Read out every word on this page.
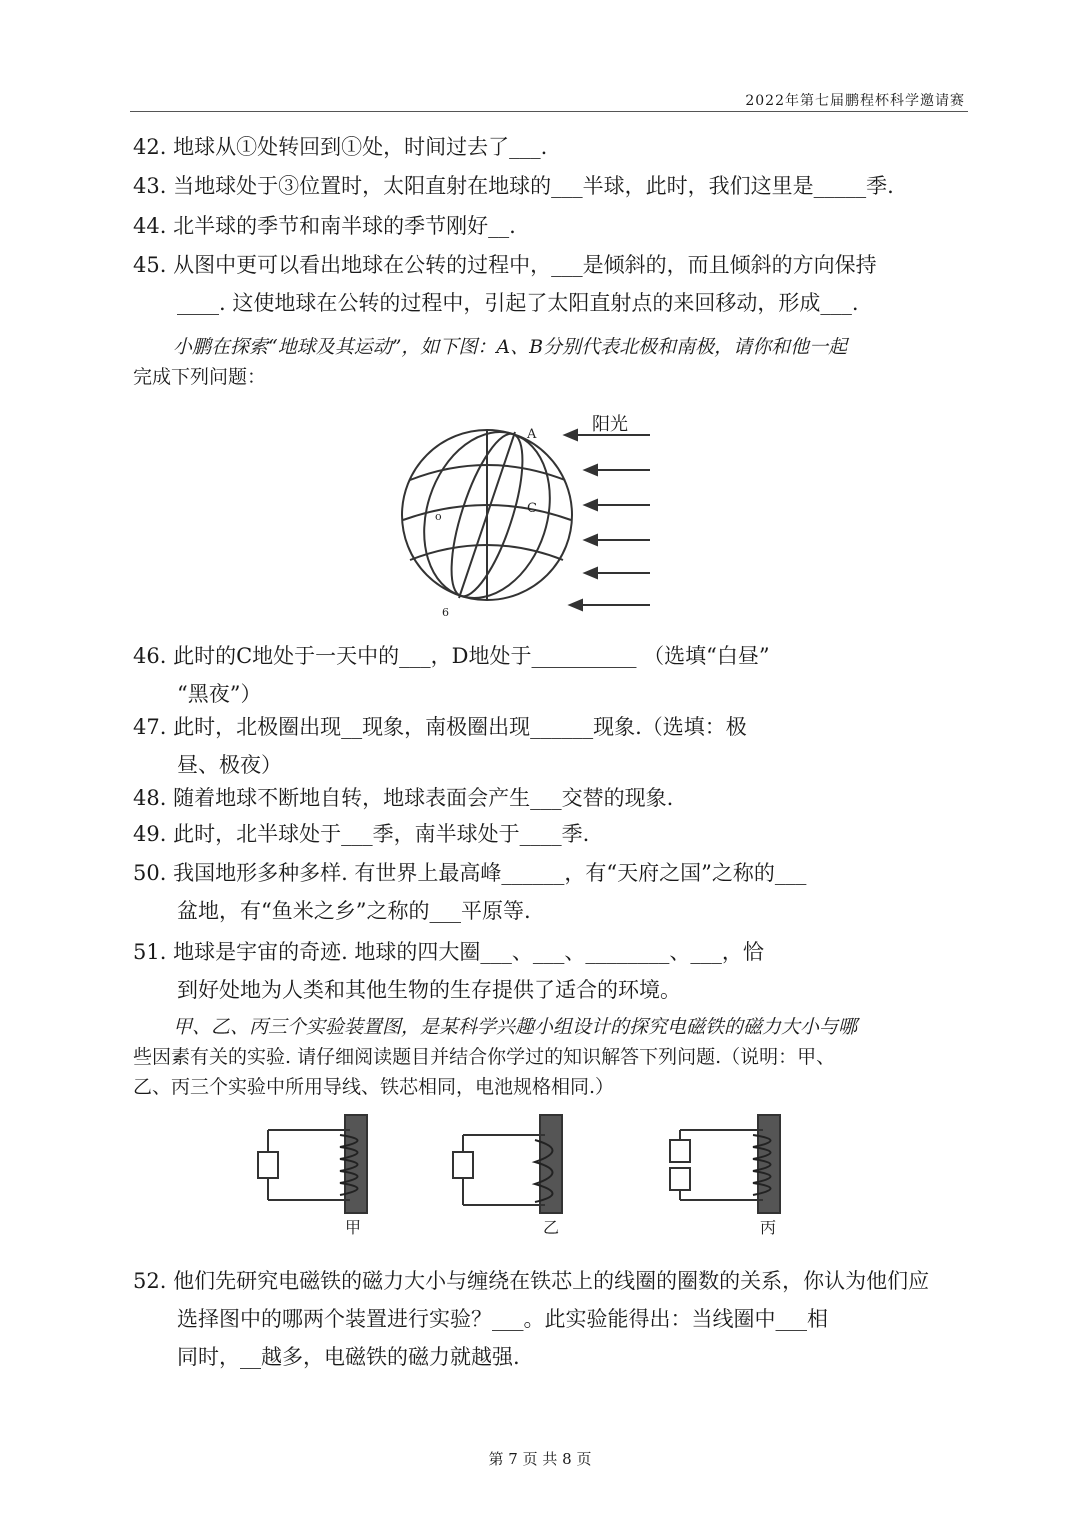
2022年第七届鹏程杯科学邀请赛
42. 地球从①处转回到①处，时间过去了___.
43. 当地球处于③位置时，太阳直射在地球的___半球，此时，我们这里是_____季.
44. 北半球的季节和南半球的季节刚好__.
45. 从图中更可以看出地球在公转的过程中，___是倾斜的，而且倾斜的方向保持
____. 这使地球在公转的过程中，引起了太阳直射点的来回移动，形成___.
小鹏在探索“地球及其运动”，如下图：A、B分别代表北极和南极，请你和他一起
完成下列问题：
阳光
A
C
o
6
46. 此时的C地处于一天中的___，D地处于__________ （选填“白昼”
“黑夜”）
47. 此时，北极圈出现__现象，南极圈出现______现象.（选填：极
昼、极夜）
48. 随着地球不断地自转，地球表面会产生___交替的现象.
49. 此时，北半球处于___季，南半球处于____季.
50. 我国地形多种多样. 有世界上最高峰______，有“天府之国”之称的___
盆地，有“鱼米之乡”之称的___平原等.
51. 地球是宇宙的奇迹. 地球的四大圈___、___、________、___，恰
到好处地为人类和其他生物的生存提供了适合的环境。
甲、乙、丙三个实验装置图，是某科学兴趣小组设计的探究电磁铁的磁力大小与哪
些因素有关的实验. 请仔细阅读题目并结合你学过的知识解答下列问题.（说明：甲、
乙、丙三个实验中所用导线、铁芯相同，电池规格相同.）
甲	乙	丙
52. 他们先研究电磁铁的磁力大小与缠绕在铁芯上的线圈的圈数的关系，你认为他们应
选择图中的哪两个装置进行实验？___。此实验能得出：当线圈中___相
同时，__越多，电磁铁的磁力就越强.
第 7 页 共 8 页
